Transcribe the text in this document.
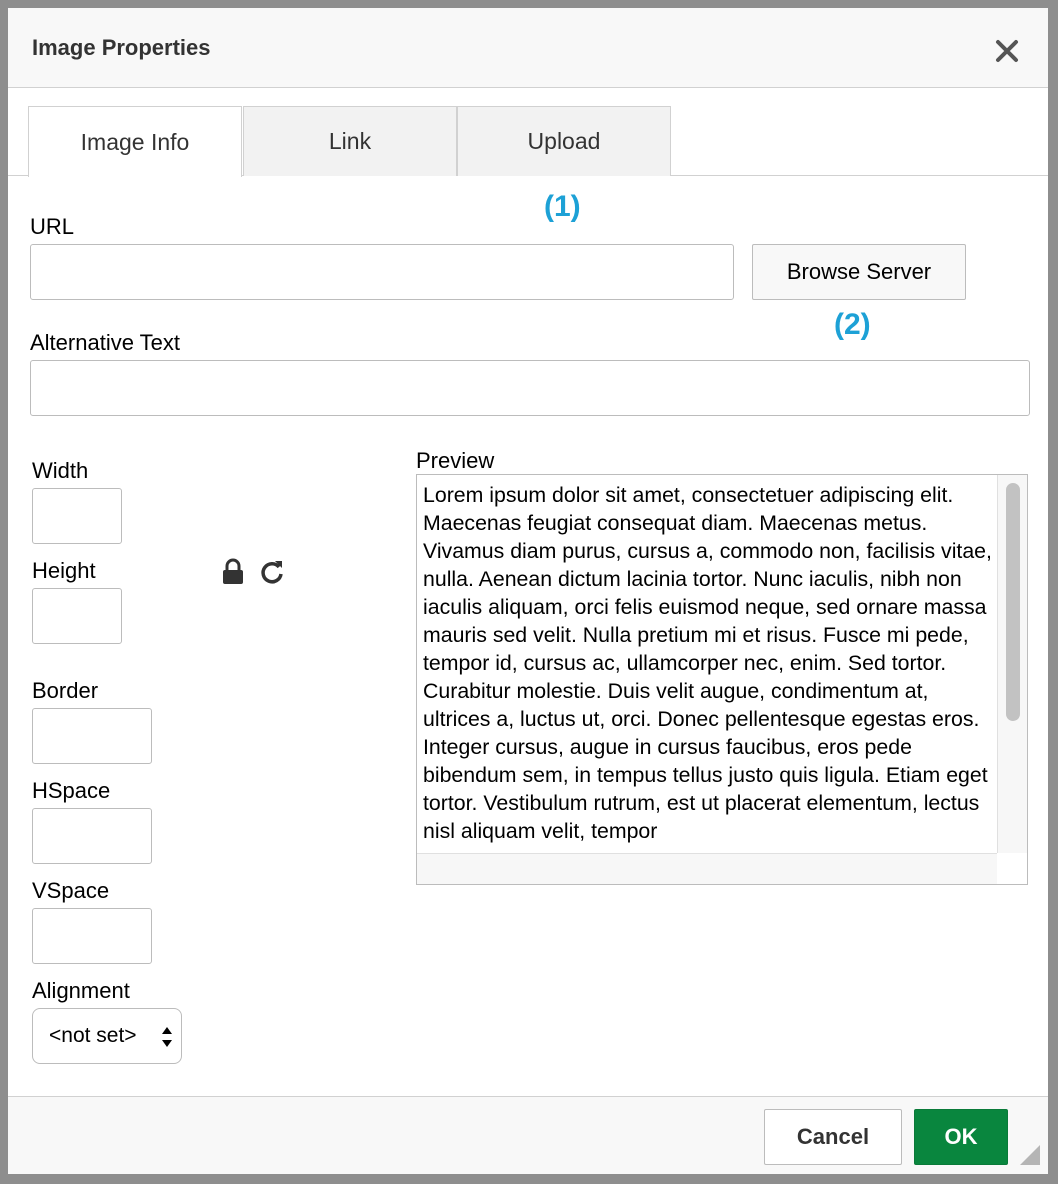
Image Properties
Image Info	Link	Upload
(1)
URL
Browse Server
(2)
Alternative Text
Width
Height
Border
HSpace
VSpace
Alignment
<not set>
Preview
Lorem ipsum dolor sit amet, consectetuer adipiscing elit. Maecenas feugiat consequat diam. Maecenas metus. Vivamus diam purus, cursus a, commodo non, facilisis vitae, nulla. Aenean dictum lacinia tortor. Nunc iaculis, nibh non iaculis aliquam, orci felis euismod neque, sed ornare massa mauris sed velit. Nulla pretium mi et risus. Fusce mi pede, tempor id, cursus ac, ullamcorper nec, enim. Sed tortor. Curabitur molestie. Duis velit augue, condimentum at, ultrices a, luctus ut, orci. Donec pellentesque egestas eros. Integer cursus, augue in cursus faucibus, eros pede bibendum sem, in tempus tellus justo quis ligula. Etiam eget tortor. Vestibulum rutrum, est ut placerat elementum, lectus nisl aliquam velit, tempor
Cancel	OK
